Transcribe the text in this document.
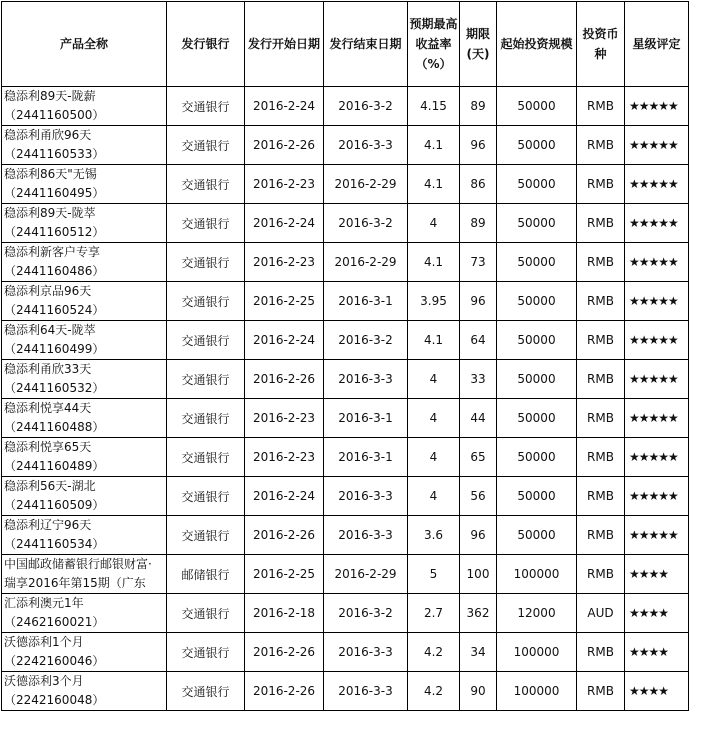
产品全称	发行银行	发行开始日期	发行结束日期	预期最高收益率（%）	期限(天)	起始投资规模	投资币种	星级评定

稳添利89天-陇薪
（2441160500）	交通银行	2016-2-24	2016-3-2	4.15	89	50000	RMB	★★★★★

稳添利甬欣96天
（2441160533）	交通银行	2016-2-26	2016-3-3	4.1	96	50000	RMB	★★★★★

稳添利86天"无锡
（2441160495）	交通银行	2016-2-23	2016-2-29	4.1	86	50000	RMB	★★★★★

稳添利89天-陇萃
（2441160512）	交通银行	2016-2-24	2016-3-2	4	89	50000	RMB	★★★★★

稳添利新客户专享
（2441160486）	交通银行	2016-2-23	2016-2-29	4.1	73	50000	RMB	★★★★★

稳添利京品96天
（2441160524）	交通银行	2016-2-25	2016-3-1	3.95	96	50000	RMB	★★★★★

稳添利64天-陇萃
（2441160499）	交通银行	2016-2-24	2016-3-2	4.1	64	50000	RMB	★★★★★

稳添利甬欣33天
（2441160532）	交通银行	2016-2-26	2016-3-3	4	33	50000	RMB	★★★★★

稳添利悦享44天
（2441160488）	交通银行	2016-2-23	2016-3-1	4	44	50000	RMB	★★★★★

稳添利悦享65天
（2441160489）	交通银行	2016-2-23	2016-3-1	4	65	50000	RMB	★★★★★

稳添利56天-湖北
（2441160509）	交通银行	2016-2-24	2016-3-3	4	56	50000	RMB	★★★★★

稳添利辽宁96天
（2441160534）	交通银行	2016-2-26	2016-3-3	3.6	96	50000	RMB	★★★★★

中国邮政储蓄银行邮银财富·
瑞享2016年第15期（广东	邮储银行	2016-2-25	2016-2-29	5	100	100000	RMB	★★★★

汇添利澳元1年
（2462160021）	交通银行	2016-2-18	2016-3-2	2.7	362	12000	AUD	★★★★

沃德添利1个月
（2242160046）	交通银行	2016-2-26	2016-3-3	4.2	34	100000	RMB	★★★★

沃德添利3个月
（2242160048）	交通银行	2016-2-26	2016-3-3	4.2	90	100000	RMB	★★★★
